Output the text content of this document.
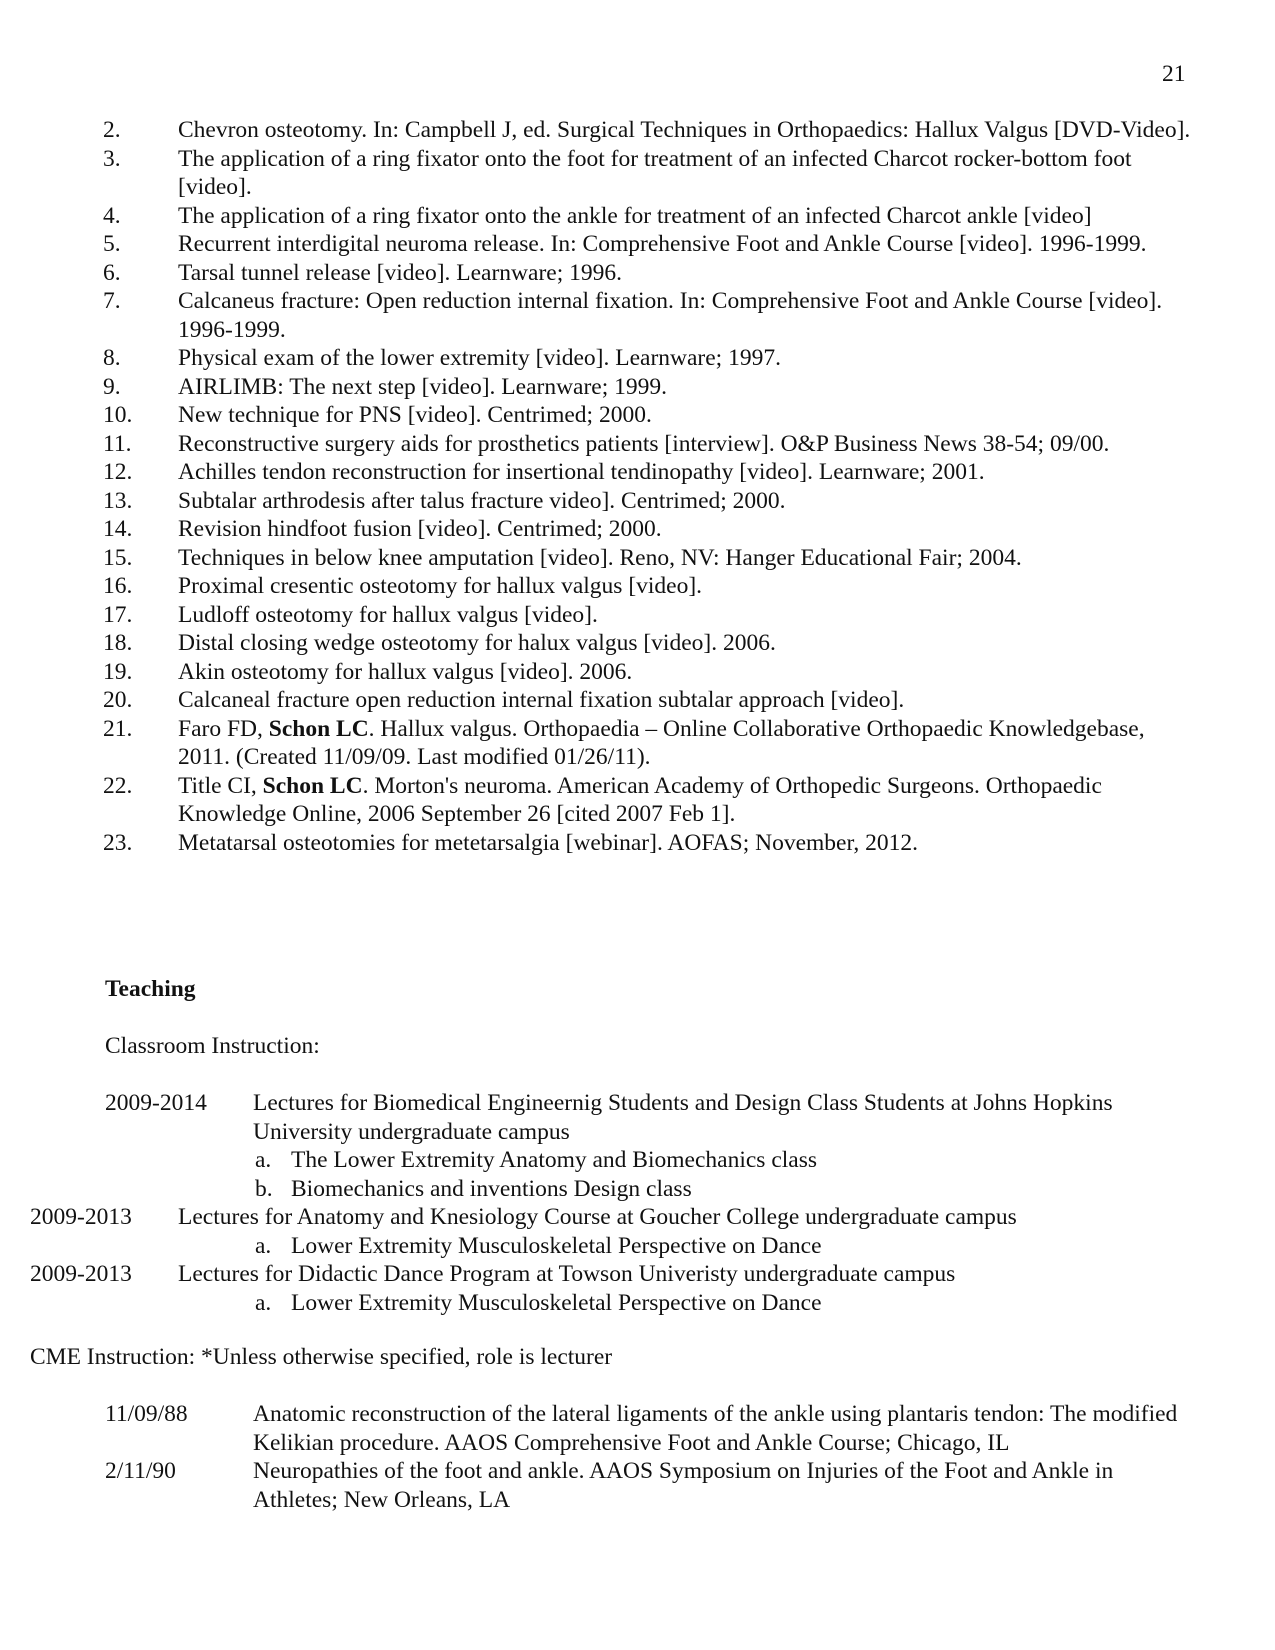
21
2.	Chevron osteotomy. In: Campbell J, ed. Surgical Techniques in Orthopaedics: Hallux Valgus [DVD-Video].
3.	The application of a ring fixator onto the foot for treatment of an infected Charcot rocker-bottom foot [video].
4.	The application of a ring fixator onto the ankle for treatment of an infected Charcot ankle [video]
5.	Recurrent interdigital neuroma release. In: Comprehensive Foot and Ankle Course [video]. 1996-1999.
6.	Tarsal tunnel release [video]. Learnware; 1996.
7.	Calcaneus fracture: Open reduction internal fixation. In: Comprehensive Foot and Ankle Course [video]. 1996-1999.
8.	Physical exam of the lower extremity [video]. Learnware; 1997.
9.	AIRLIMB: The next step [video]. Learnware; 1999.
10.	New technique for PNS [video]. Centrimed; 2000.
11.	Reconstructive surgery aids for prosthetics patients [interview]. O&P Business News 38-54; 09/00.
12.	Achilles tendon reconstruction for insertional tendinopathy [video]. Learnware; 2001.
13.	Subtalar arthrodesis after talus fracture video]. Centrimed; 2000.
14.	Revision hindfoot fusion [video]. Centrimed; 2000.
15.	Techniques in below knee amputation [video]. Reno, NV: Hanger Educational Fair; 2004.
16.	Proximal cresentic osteotomy for hallux valgus [video].
17.	Ludloff osteotomy for hallux valgus [video].
18.	Distal closing wedge osteotomy for halux valgus [video]. 2006.
19.	Akin osteotomy for hallux valgus [video]. 2006.
20.	Calcaneal fracture open reduction internal fixation subtalar approach [video].
21.	Faro FD, Schon LC. Hallux valgus. Orthopaedia – Online Collaborative Orthopaedic Knowledgebase, 2011. (Created 11/09/09. Last modified 01/26/11).
22.	Title CI, Schon LC. Morton's neuroma. American Academy of Orthopedic Surgeons. Orthopaedic Knowledge Online, 2006 September 26 [cited 2007 Feb 1].
23.	Metatarsal osteotomies for metetarsalgia [webinar]. AOFAS; November, 2012.
Teaching
Classroom Instruction:
2009-2014	Lectures for Biomedical Engineernig Students and Design Class Students at Johns Hopkins University undergraduate campus
a. The Lower Extremity Anatomy and Biomechanics class
b. Biomechanics and inventions Design class
2009-2013	Lectures for Anatomy and Knesiology Course at Goucher College undergraduate campus
a. Lower Extremity Musculoskeletal Perspective on Dance
2009-2013	Lectures for Didactic Dance Program at Towson Univeristy undergraduate campus
a. Lower Extremity Musculoskeletal Perspective on Dance
CME Instruction: *Unless otherwise specified, role is lecturer
11/09/88	Anatomic reconstruction of the lateral ligaments of the ankle using plantaris tendon: The modified Kelikian procedure. AAOS Comprehensive Foot and Ankle Course; Chicago, IL
2/11/90	Neuropathies of the foot and ankle. AAOS Symposium on Injuries of the Foot and Ankle in Athletes; New Orleans, LA
